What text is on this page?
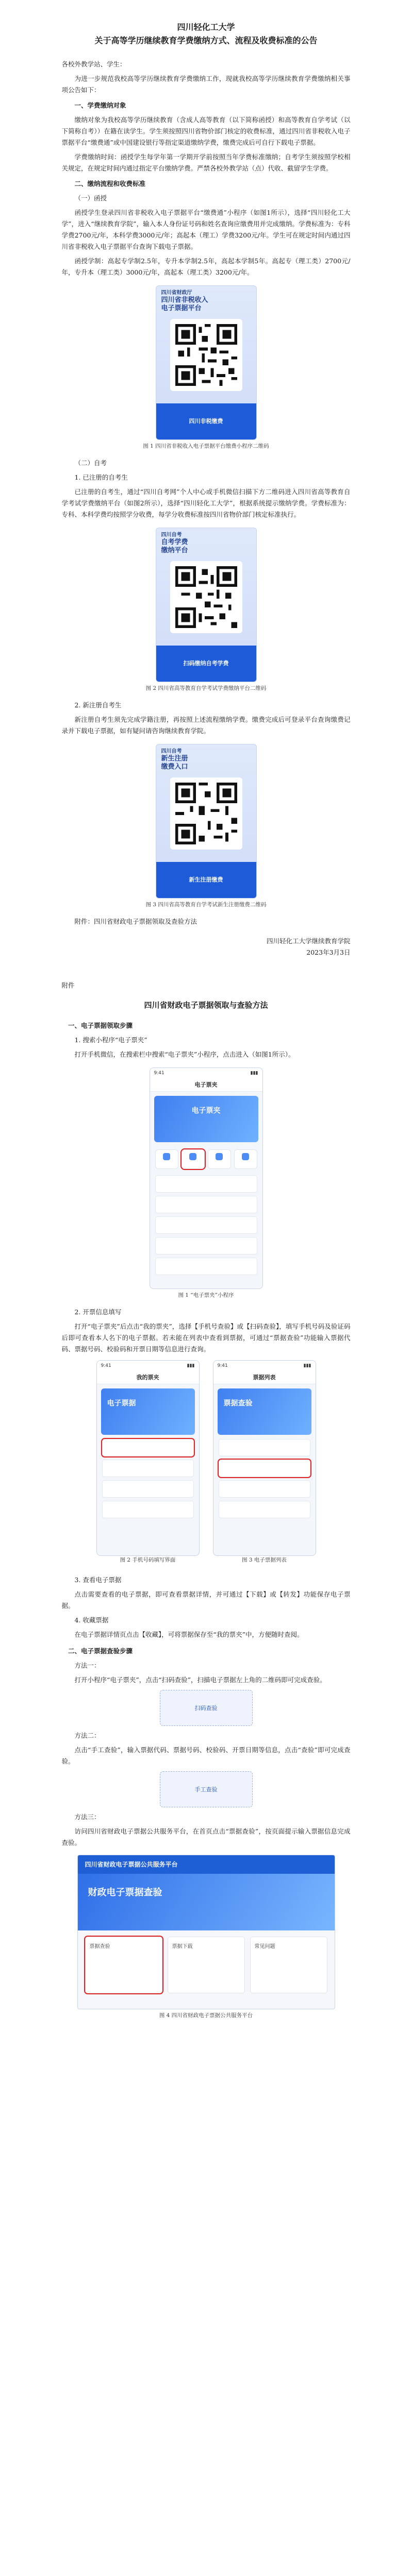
四川轻化工大学
关于高等学历继续教育学费缴纳方式、流程及收费标准的公告

各校外教学站、学生：

为进一步规范我校高等学历继续教育学费缴纳工作，现就我校高等学历继续教育学费缴纳相关事项公告如下：

一、学费缴纳对象

缴纳对象为我校高等学历继续教育（含成人高等教育（以下简称函授）和高等教育自学考试（以下简称自考））在籍在读学生。学生须按照四川省物价部门核定的收费标准，通过四川省非税收入电子票据平台“缴费通”或中国建设银行等指定渠道缴纳学费，缴费完成后可自行下载电子票据。

学费缴纳时间：函授学生每学年第一学期开学前按照当年学费标准缴纳；自考学生须按照学校相关规定，在规定时间内通过指定平台缴纳学费。严禁各校外教学站（点）代收、截留学生学费。

二、缴纳流程和收费标准
（一）函授

函授学生登录四川省非税收入电子票据平台“缴费通”小程序（如图1所示），选择“四川轻化工大学”，进入“继续教育学院”，输入本人身份证号码和姓名查询应缴费用并完成缴纳。学费标准为：专科学费2700元/年，本科学费3000元/年；高起本（理工）学费3200元/年。学生可在规定时间内通过四川省非税收入电子票据平台查询下载电子票据。

函授学制：高起专学制2.5年，专升本学制2.5年，高起本学制5年。高起专（理工类）2700元/年，专升本（理工类）3000元/年，高起本（理工类）3200元/年。

四川省财政厅
四川省非税收入
电子票据平台
四川非税缴费
图 1 四川省非税收入电子票据平台缴费小程序二维码
（二）自考
1. 已注册的自考生

已注册的自考生，通过“四川自考网”个人中心或手机微信扫描下方二维码进入四川省高等教育自学考试学费缴纳平台（如图2所示），选择“四川轻化工大学”，根据系统提示缴纳学费。学费标准为：专科、本科学费均按照学分收费，每学分收费标准按四川省物价部门核定标准执行。

四川自考
自考学费
缴纳平台
扫码缴纳自考学费
图 2 四川省高等教育自学考试学费缴纳平台二维码
2. 新注册自考生

新注册自考生须先完成学籍注册，再按照上述流程缴纳学费。缴费完成后可登录平台查询缴费记录并下载电子票据，如有疑问请咨询继续教育学院。

四川自考
新生注册
缴费入口
新生注册缴费
图 3 四川省高等教育自学考试新生注册缴费二维码

附件：四川省财政电子票据领取及查验方法

四川轻化工大学继续教育学院
2023年3月3日
附件
四川省财政电子票据领取与查验方法
一、电子票据领取步骤
1. 搜索小程序“电子票夹”

打开手机微信，在搜索栏中搜索“电子票夹”小程序，点击进入（如图1所示）。

9:41	▮▮▮
电子票夹
电子票夹
图 1 “电子票夹”小程序
2. 开票信息填写

打开“电子票夹”后点击“我的票夹”，选择【手机号查验】或【扫码查验】，填写手机号码及验证码后即可查看本人名下的电子票据。若未能在列表中查看到票据，可通过“票据查验”功能输入票据代码、票据号码、校验码和开票日期等信息进行查询。

9:41	▮▮▮
我的票夹
电子票据
图 2 手机号码填写界面
9:41	▮▮▮
票据列表
票据查验
图 3 电子票据列表
3. 查看电子票据

点击需要查看的电子票据，即可查看票据详情，并可通过【下载】或【转发】功能保存电子票据。

4. 收藏票据

在电子票据详情页点击【收藏】，可将票据保存至“我的票夹”中，方便随时查阅。

二、电子票据查验步骤
方法一：

打开小程序“电子票夹”，点击“扫码查验”，扫描电子票据左上角的二维码即可完成查验。

扫码查验
方法二：

点击“手工查验”，输入票据代码、票据号码、校验码、开票日期等信息，点击“查验”即可完成查验。

手工查验
方法三：

访问四川省财政电子票据公共服务平台，在首页点击“票据查验”，按页面提示输入票据信息完成查验。

四川省财政电子票据公共服务平台
财政电子票据查验
票据查验	票据下载	常见问题
图 4 四川省财政电子票据公共服务平台
